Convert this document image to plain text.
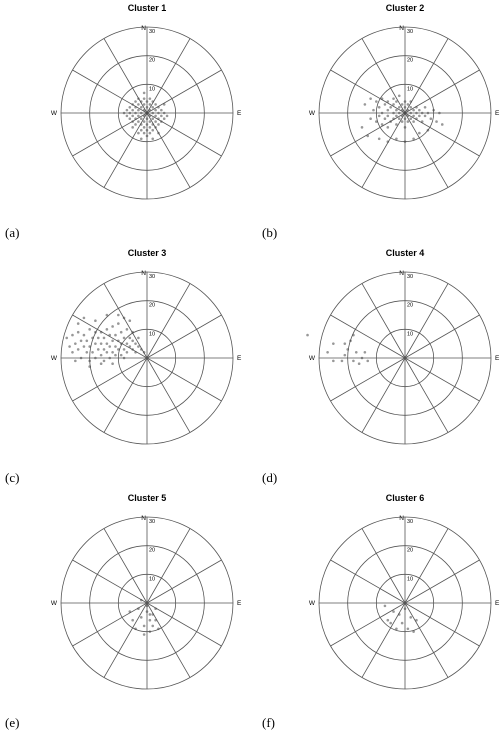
Cluster 1
10
20
30
N
E
W
(a)
Cluster 2
10
20
30
N
E
W
(b)
Cluster 3
10
20
30
N
E
W
(c)
Cluster 4
10
20
30
N
E
W
(d)
Cluster 5
10
20
30
N
E
W
(e)
Cluster 6
10
20
30
N
E
W
(f)
